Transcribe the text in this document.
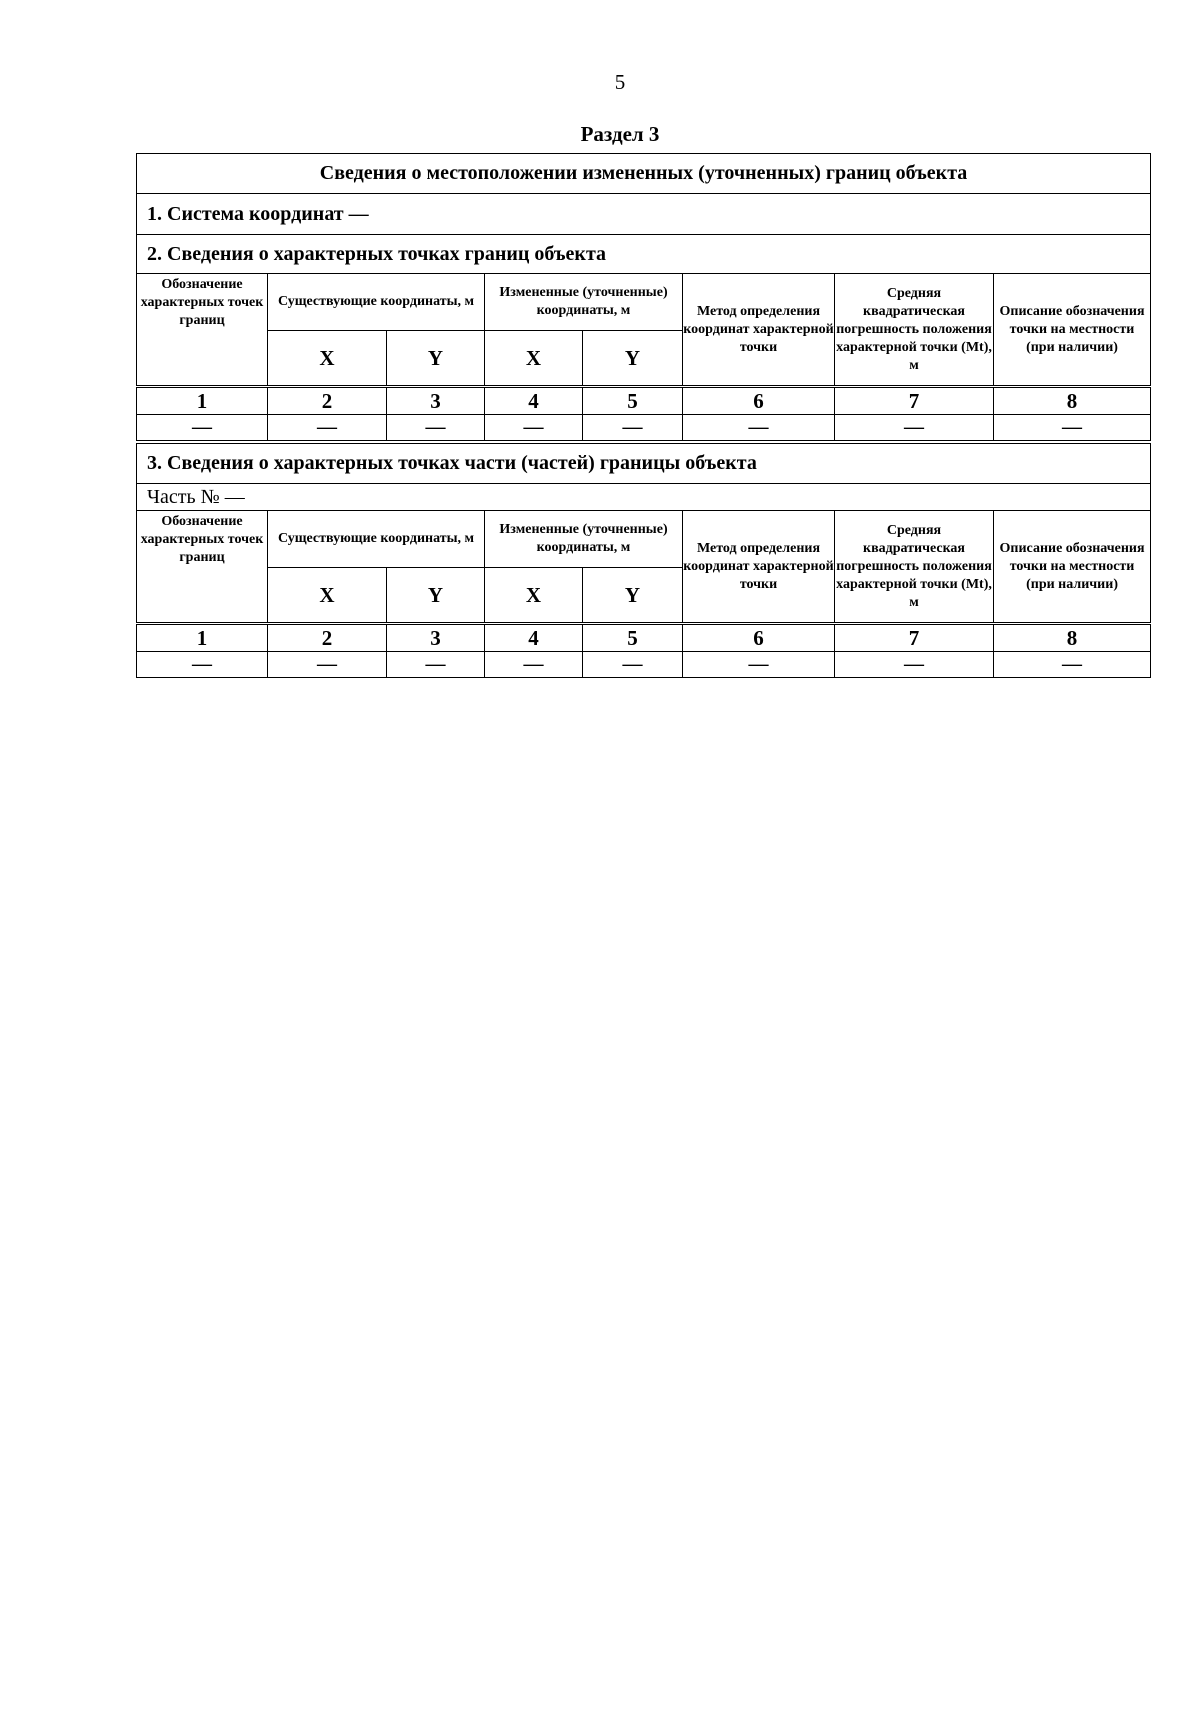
5
Раздел 3
Сведения о местоположении измененных (уточненных) границ объекта							
1. Система координат —							
2. Сведения о характерных точках границ объекта							
Обозначение характерных точек границ	Существующие координаты, м		Измененные (уточненные) координаты, м		Метод определения координат характерной точки	Средняя квадратическая погрешность положения характерной точки (Mt), м	Описание обозначения точки на местности (при наличии)
	X	Y	X	Y			
1	2	3	4	5	6	7	8
—	—	—	—	—	—	—	—
3. Сведения о характерных точках части (частей) границы объекта							
Часть № —							
Обозначение характерных точек границ	Существующие координаты, м		Измененные (уточненные) координаты, м		Метод определения координат характерной точки	Средняя квадратическая погрешность положения характерной точки (Mt), м	Описание обозначения точки на местности (при наличии)
	X	Y	X	Y			
1	2	3	4	5	6	7	8
—	—	—	—	—	—	—	—
